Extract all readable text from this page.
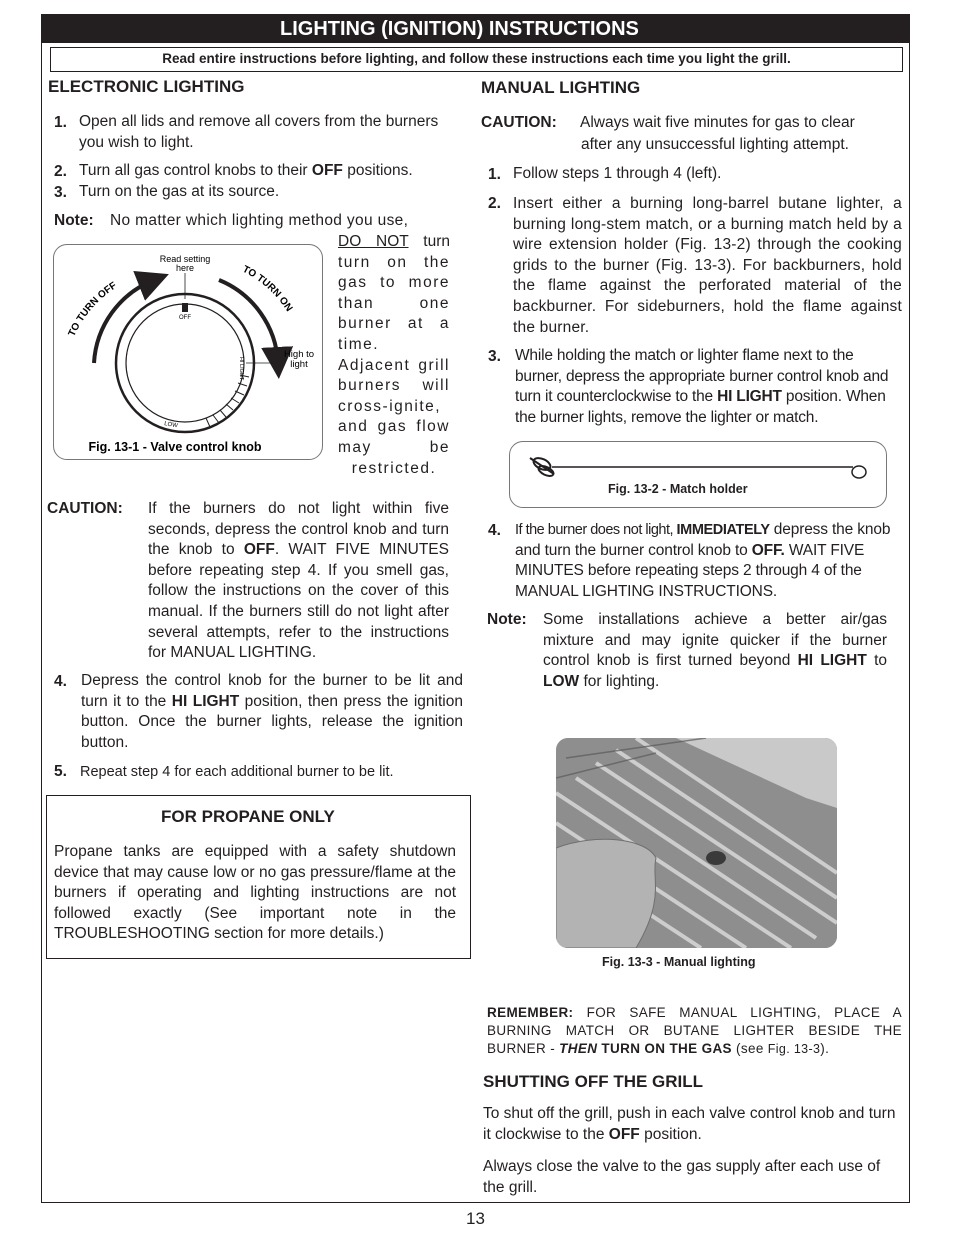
LIGHTING (IGNITION) INSTRUCTIONS
Read entire instructions before lighting, and follow these instructions each time you light the grill.
ELECTRONIC LIGHTING
1. Open all lids and remove all covers from the burners you wish to light.
2. Turn all gas control knobs to their OFF positions.
3. Turn on the gas at its source.
Note: No matter which lighting method you use,
DO NOT turn
turn on the gas to more than one burner at a time. Adjacent grill burners will cross-ignite, and gas flow may be restricted.
Read setting
here
TO TURN OFF
TO TURN ON
OFF
High to
light
HI LIGHT
LOW
Fig. 13-1 - Valve control knob
CAUTION: If the burners do not light within five seconds, depress the control knob and turn the knob to OFF. WAIT FIVE MINUTES before repeating step 4. If you smell gas, follow the instructions on the cover of this manual. If the burners still do not light after several attempts, refer to the instructions for MANUAL LIGHTING.
4. Depress the control knob for the burner to be lit and turn it to the HI LIGHT position, then press the ignition button. Once the burner lights, release the ignition button.
5. Repeat step 4 for each additional burner to be lit.
FOR PROPANE ONLY
Propane tanks are equipped with a safety shutdown device that may cause low or no gas pressure/flame at the burners if operating and lighting instructions are not followed exactly (See important note in the TROUBLESHOOTING section for more details.)
MANUAL LIGHTING
CAUTION: Always wait five minutes for gas to clear
after any unsuccessful lighting attempt.
1. Follow steps 1 through 4 (left).
2. Insert either a burning long-barrel butane lighter, a burning long-stem match, or a burning match held by a wire extension holder (Fig. 13-2) through the cooking grids to the burner (Fig. 13-3). For backburners, hold the flame against the perforated material of the backburner. For sideburners, hold the flame against the burner.
3. While holding the match or lighter flame next to the burner, depress the appropriate burner control knob and turn it counterclockwise to the HI LIGHT position. When the burner lights, remove the lighter or match.
Fig. 13-2 - Match holder
4. If the burner does not light, IMMEDIATELY depress the knob and turn the burner control knob to OFF. WAIT FIVE MINUTES before repeating steps 2 through 4 of the MANUAL LIGHTING INSTRUCTIONS.
Note: Some installations achieve a better air/gas mixture and may ignite quicker if the burner control knob is first turned beyond HI LIGHT to LOW for lighting.
Fig. 13-3 - Manual lighting
REMEMBER: FOR SAFE MANUAL LIGHTING, PLACE A BURNING MATCH OR BUTANE LIGHTER BESIDE THE BURNER - THEN TURN ON THE GAS (see Fig. 13-3).
SHUTTING OFF THE GRILL
To shut off the grill, push in each valve control knob and turn it clockwise to the OFF position.
Always close the valve to the gas supply after each use of the grill.
13
